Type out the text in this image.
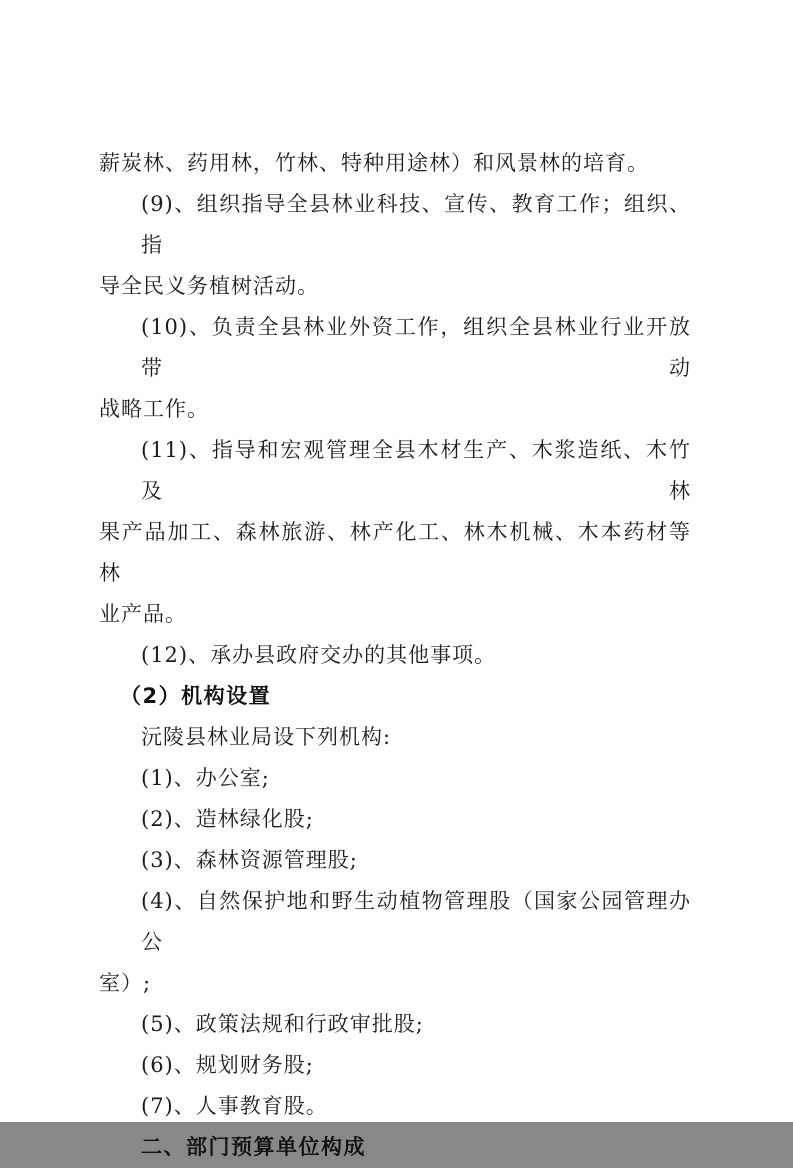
薪炭林、药用林，竹林、特种用途林）和风景林的培育。
(9)、组织指导全县林业科技、宣传、教育工作；组织、指
导全民义务植树活动。
(10)、负责全县林业外资工作，组织全县林业行业开放带动
战略工作。
(11)、指导和宏观管理全县木材生产、木浆造纸、木竹及林
果产品加工、森林旅游、林产化工、林木机械、木本药材等林
业产品。
(12)、承办县政府交办的其他事项。
（2）机构设置
沅陵县林业局设下列机构:
(1)、办公室;
(2)、造林绿化股;
(3)、森林资源管理股;
(4)、自然保护地和野生动植物管理股（国家公园管理办公
室）;
(5)、政策法规和行政审批股;
(6)、规划财务股;
(7)、人事教育股。
二、部门预算单位构成
